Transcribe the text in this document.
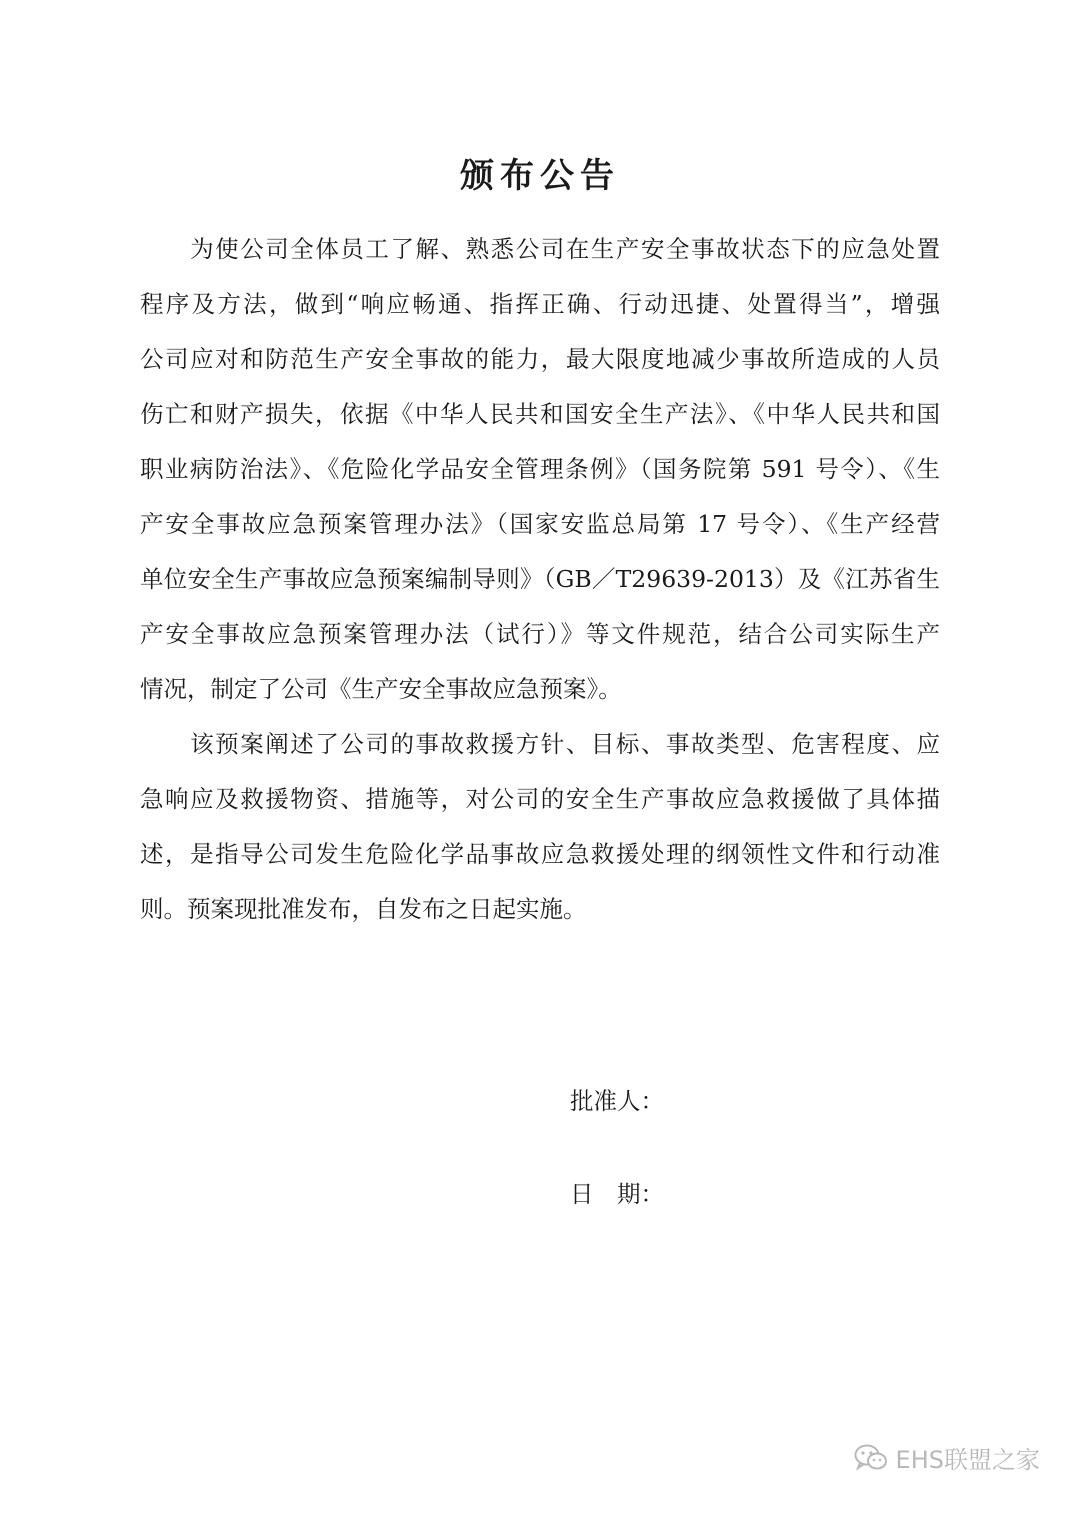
颁布公告
　　为使公司全体员工了解、熟悉公司在生产安全事故状态下的应急处置
程序及方法，做到“响应畅通、指挥正确、行动迅捷、处置得当”，增强
公司应对和防范生产安全事故的能力，最大限度地减少事故所造成的人员
伤亡和财产损失，依据《中华人民共和国安全生产法》、《中华人民共和国
职业病防治法》、《危险化学品安全管理条例》（国务院第 591 号令）、《生
产安全事故应急预案管理办法》（国家安监总局第 17 号令）、《生产经营
单位安全生产事故应急预案编制导则》（GB／T29639-2013）及《江苏省生
产安全事故应急预案管理办法（试行）》等文件规范，结合公司实际生产
情况，制定了公司《生产安全事故应急预案》。
　　该预案阐述了公司的事故救援方针、目标、事故类型、危害程度、应
急响应及救援物资、措施等，对公司的安全生产事故应急救援做了具体描
述，是指导公司发生危险化学品事故应急救援处理的纲领性文件和行动准
则。预案现批准发布，自发布之日起实施。
批准人：
日　期：
EHS联盟之家
